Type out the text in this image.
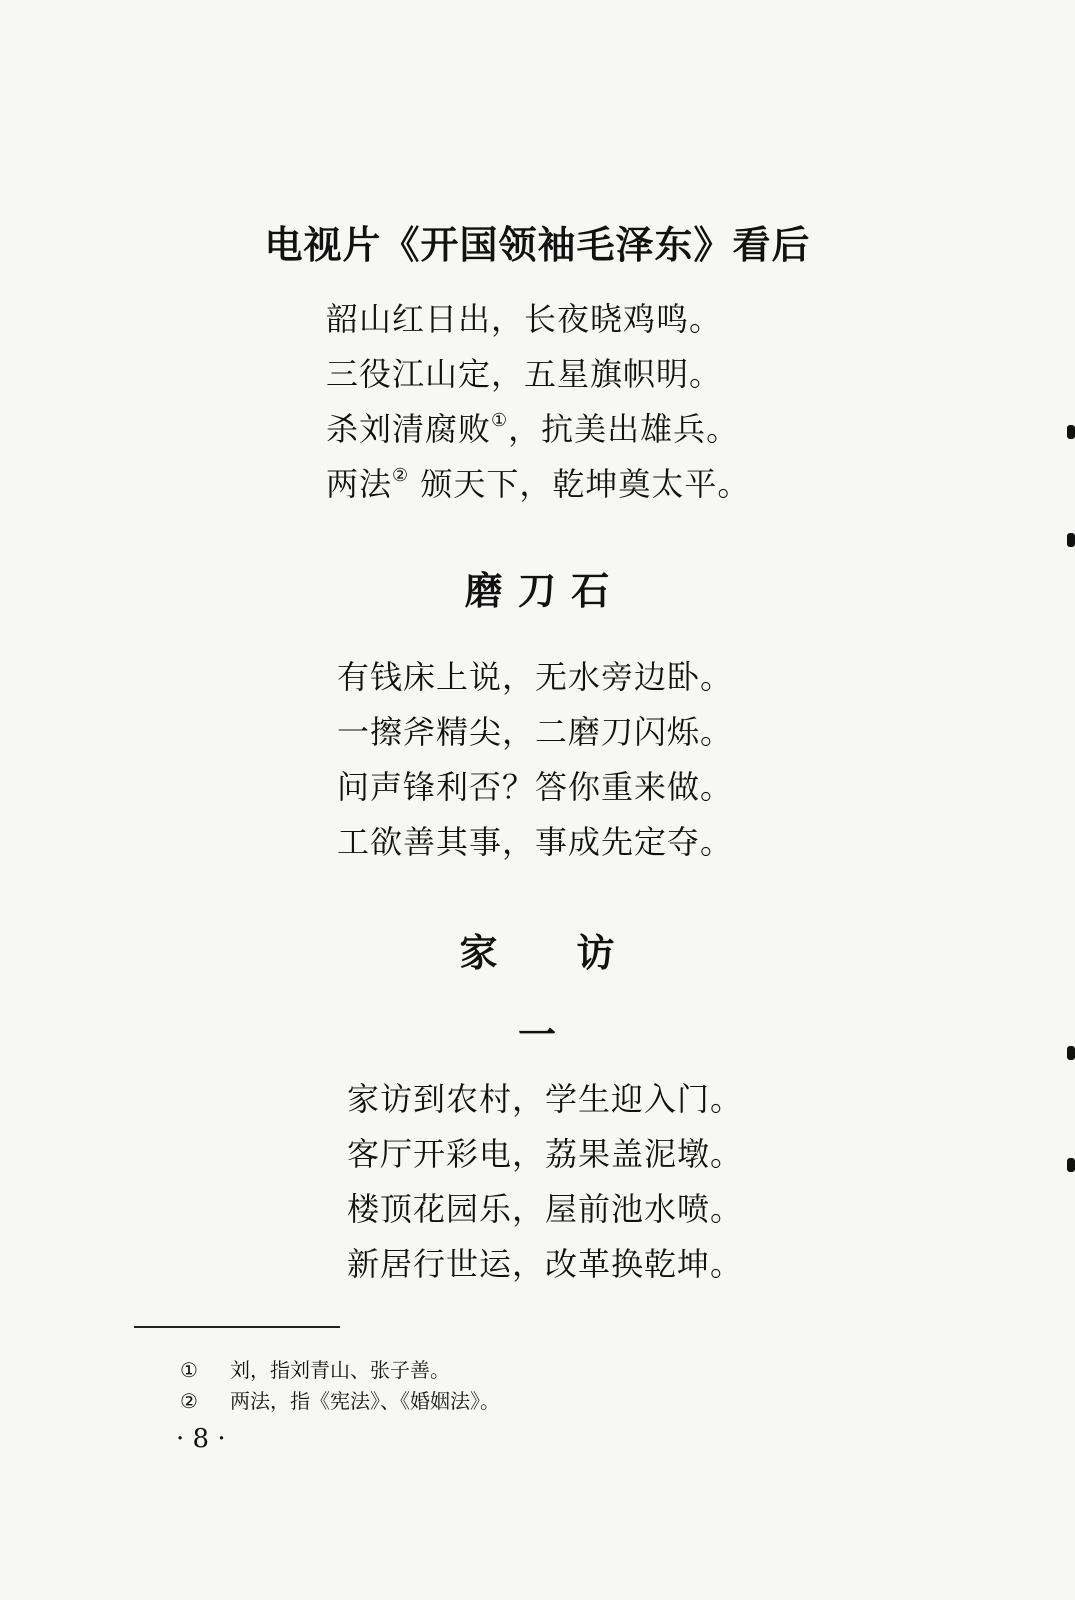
电视片《开国领袖毛泽东》看后
韶山红日出，长夜晓鸡鸣。
三役江山定，五星旗帜明。
杀刘清腐败①，抗美出雄兵。
两法② 颁天下，乾坤奠太平。
磨 刀 石
有钱床上说，无水旁边卧。
一擦斧精尖，二磨刀闪烁。
问声锋利否？答你重来做。
工欲善其事，事成先定夺。
家　　访
一
家访到农村，学生迎入门。
客厅开彩电，荔果盖泥墩。
楼顶花园乐，屋前池水喷。
新居行世运，改革换乾坤。
① 刘，指刘青山、张子善。
② 两法，指《宪法》、《婚姻法》。
· 8 ·
